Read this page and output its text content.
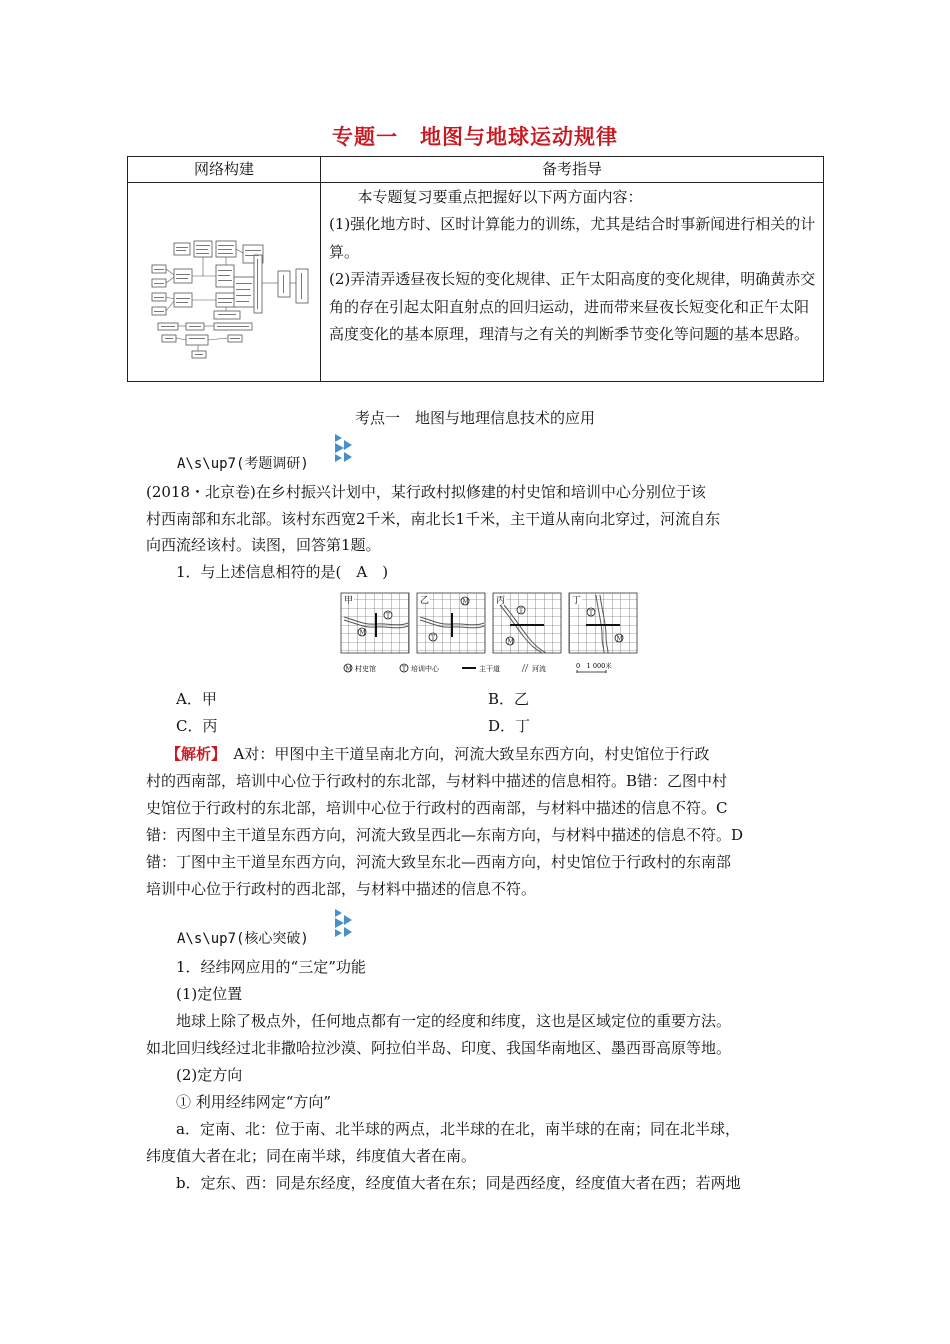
专题一　地图与地球运动规律
网络构建	备考指导

本专题复习要重点把握好以下两方面内容：

(1)强化地方时、区时计算能力的训练，尤其是结合时事新闻进行相关的计算。

(2)弄清弄透昼夜长短的变化规律、正午太阳高度的变化规律，明确黄赤交角的存在引起太阳直射点的回归运动，进而带来昼夜长短变化和正午太阳高度变化的基本原理，理清与之有关的判断季节变化等问题的基本思路。

考点一　地图与地理信息技术的应用
A\s\up7(考题调研)
(2018・北京卷)在乡村振兴计划中，某行政村拟修建的村史馆和培训中心分别位于该
村西南部和东北部。该村东西宽2千米，南北长1千米，主干道从南向北穿过，河流自东
向西流经该村。读图，回答第1题。
1．与上述信息相符的是(　A　)
甲
M
T
乙	M
T
丙
T
M
丁
T
M
M 村史馆	T 培训中心	主干道	河流	0　1 000米
A．甲	B．乙
C．丙	D．丁
【解析】　A对：甲图中主干道呈南北方向，河流大致呈东西方向，村史馆位于行政
村的西南部，培训中心位于行政村的东北部，与材料中描述的信息相符。B错：乙图中村
史馆位于行政村的东北部，培训中心位于行政村的西南部，与材料中描述的信息不符。C
错：丙图中主干道呈东西方向，河流大致呈西北—东南方向，与材料中描述的信息不符。D
错：丁图中主干道呈东西方向，河流大致呈东北—西南方向，村史馆位于行政村的东南部
培训中心位于行政村的西北部，与材料中描述的信息不符。
A\s\up7(核心突破)
1．经纬网应用的“三定”功能
(1)定位置
地球上除了极点外，任何地点都有一定的经度和纬度，这也是区域定位的重要方法。
如北回归线经过北非撒哈拉沙漠、阿拉伯半岛、印度、我国华南地区、墨西哥高原等地。
(2)定方向
① 利用经纬网定“方向”
a．定南、北：位于南、北半球的两点，北半球的在北，南半球的在南；同在北半球，
纬度值大者在北；同在南半球，纬度值大者在南。
b．定东、西：同是东经度，经度值大者在东；同是西经度，经度值大者在西；若两地
